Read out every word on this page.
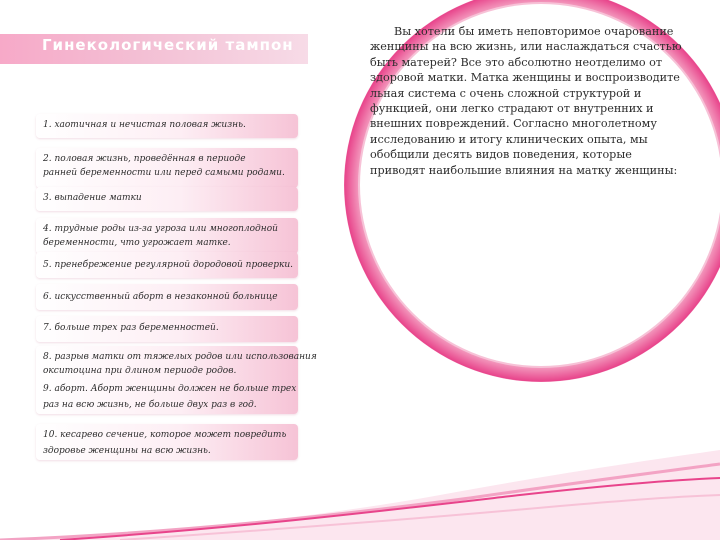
Гинекологический тампон
1. хаотичная и нечистая половая жизнь.
2. половая жизнь, проведённая в периоде
ранней беременности или перед самыми родами.
3. выпадение матки
4. трудные роды из-за угроза или многоплодной
беременности, что угрожает матке.
5. пренебрежение регулярной дородовой проверки.
6. искусственный аборт в незаконной больнице
7. больше трех раз беременностей.
8. разрыв матки от тяжелых родов или использования
окситоцина при длином периоде родов.
9. аборт. Аборт женщины должен не больше трех
раз на всю жизнь, не больше двух раз в год.
10. кесарево сечение, которое может повредить
здоровье женщины на всю жизнь.
Вы хотели бы иметь неповторимое очарование
женщины на всю жизнь, или наслаждаться счастью
быть матерей? Все это абсолютно неотделимо от
здоровой матки. Матка женщины и воспроизводите
льная система с очень сложной структурой и
функцией, они легко страдают от внутренних и
внешних повреждений. Согласно многолетному
исследованию и итогу клинических опыта, мы
обобщили десять видов поведения, которые
приводят наибольшие влияния на матку женщины:
